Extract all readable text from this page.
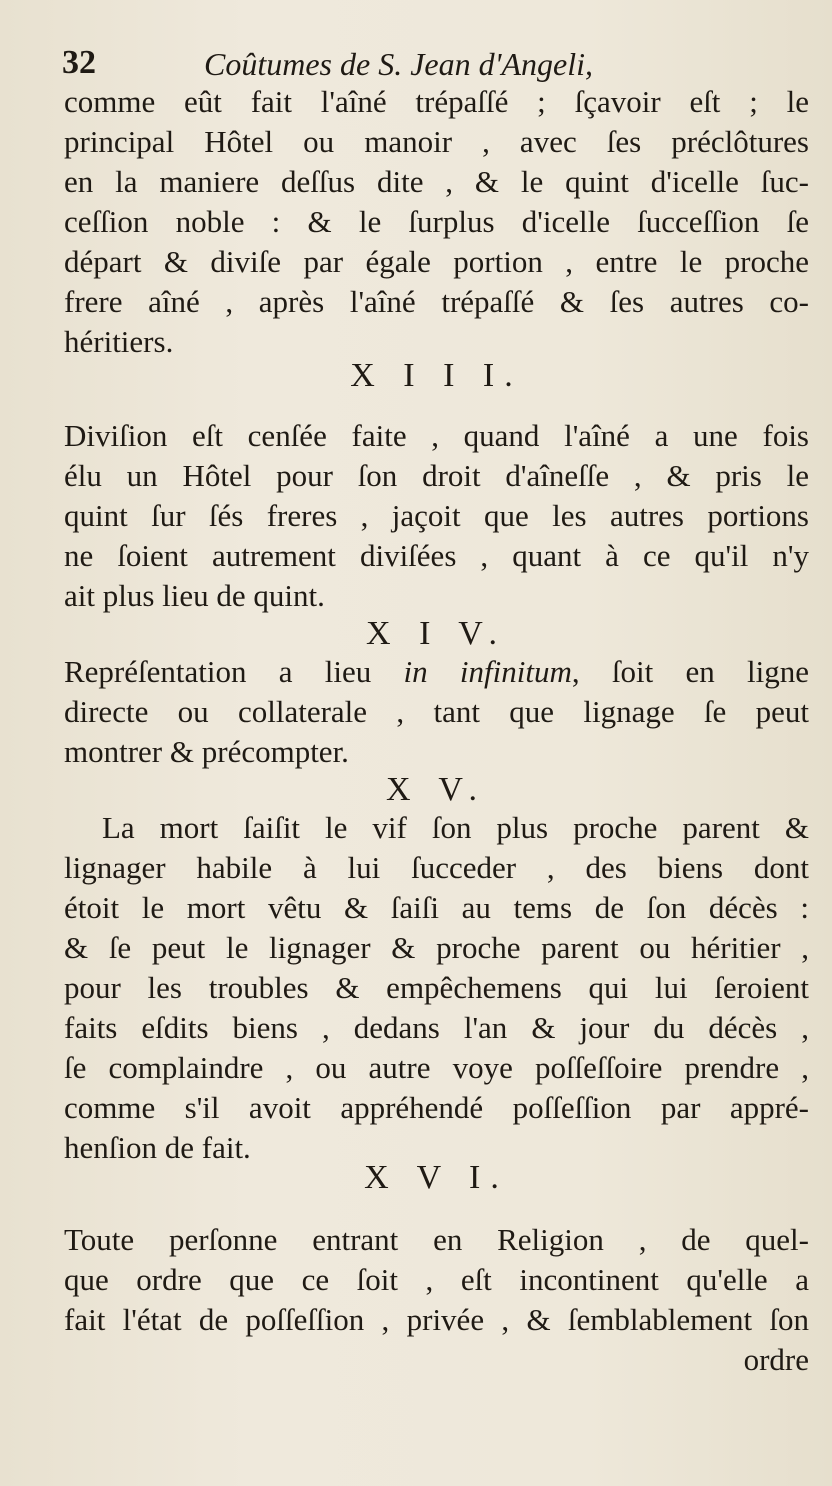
32	Coûtumes de S. Jean d'Angeli,
comme eût fait l'aîné trépaſſé ; ſçavoir eſt ; le
principal Hôtel ou manoir , avec ſes préclôtures
en la maniere deſſus dite , & le quint d'icelle ſuc-
ceſſion noble : & le ſurplus d'icelle ſucceſſion ſe
départ & diviſe par égale portion , entre le proche
frere aîné , après l'aîné trépaſſé & ſes autres co-
héritiers.
X I I I.
Diviſion eſt cenſée faite , quand l'aîné a une fois
élu un Hôtel pour ſon droit d'aîneſſe , & pris le
quint ſur ſés freres , jaçoit que les autres portions
ne ſoient autrement diviſées , quant à ce qu'il n'y
ait plus lieu de quint.
X I V.
Repréſentation a lieu in infinitum, ſoit en ligne
directe ou collaterale , tant que lignage ſe peut
montrer & précompter.
X V.
La mort ſaiſit le vif ſon plus proche parent &
lignager habile à lui ſucceder , des biens dont
étoit le mort vêtu & ſaiſi au tems de ſon décès :
& ſe peut le lignager & proche parent ou héritier ,
pour les troubles & empêchemens qui lui ſeroient
faits eſdits biens , dedans l'an & jour du décès ,
ſe complaindre , ou autre voye poſſeſſoire prendre ,
comme s'il avoit appréhendé poſſeſſion par appré-
henſion de fait.
X V I.
Toute perſonne entrant en Religion , de quel-
que ordre que ce ſoit , eſt incontinent qu'elle a
fait l'état de poſſeſſion , privée , & ſemblablement ſon
ordre
